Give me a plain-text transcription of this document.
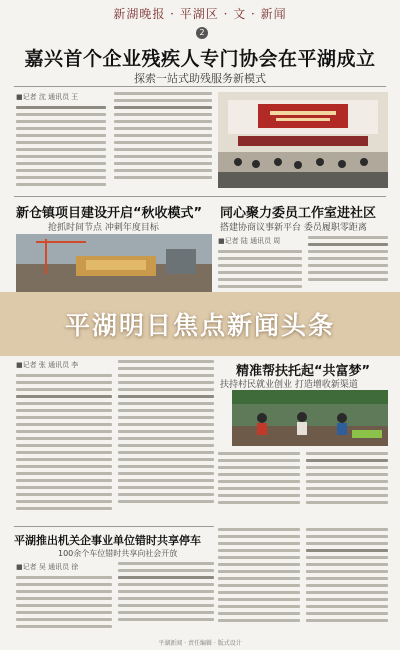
新湖晚报 · 平湖区 · 文 · 新闻
2
嘉兴首个企业残疾人专门协会在平湖成立
探索一站式助残服务新模式
■记者 沈 通讯员 王
新仓镇项目建设开启“秋收模式”
抢抓时间节点 冲刺年度目标
同心聚力委员工作室进社区
搭建协商议事新平台 委员履职零距离
■记者 陆 通讯员 周
平湖明日焦点新闻头条
■记者 张 通讯员 李	精准帮扶托起“共富梦”
扶持村民就业创业 打造增收新渠道
平湖推出机关企事业单位错时共享停车
100余个车位错时共享向社会开放
■记者 吴 通讯员 徐
平湖新闻 · 责任编辑 · 版式设计
